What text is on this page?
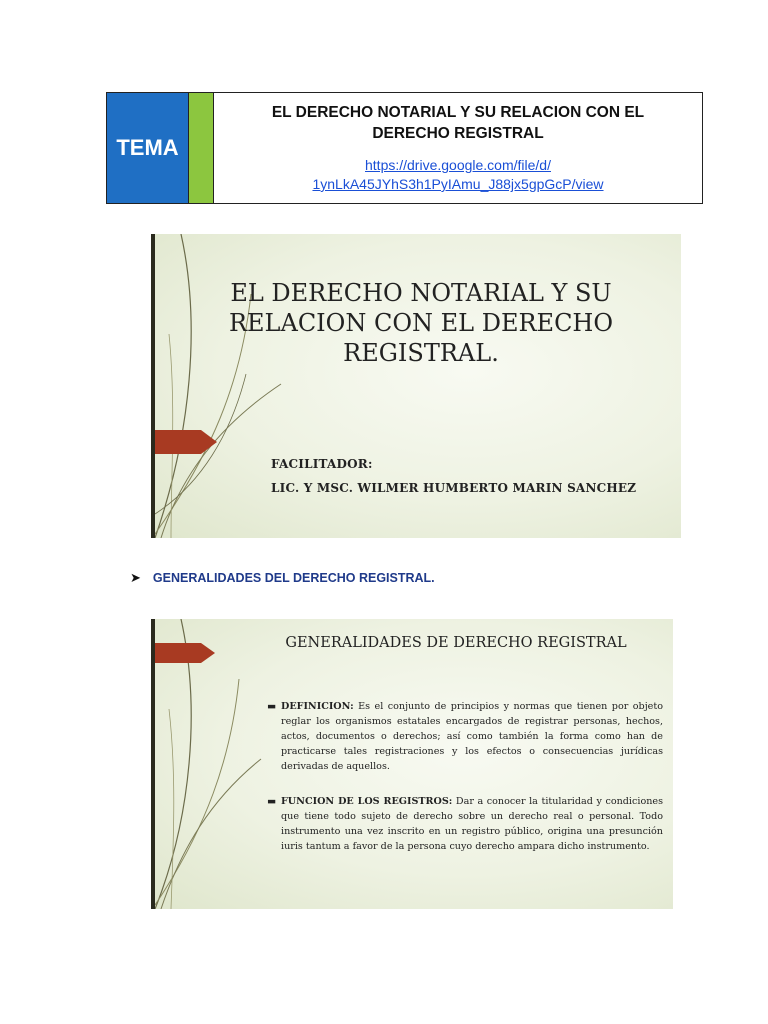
TEMA
EL DERECHO NOTARIAL Y SU RELACION CON EL
DERECHO REGISTRAL
https://drive.google.com/file/d/
1ynLkA45JYhS3h1PyIAmu_J88jx5gpGcP/view
EL DERECHO NOTARIAL Y SU
RELACION CON EL DERECHO
REGISTRAL.
FACILITADOR:
LIC. Y MSC. WILMER HUMBERTO MARIN SANCHEZ
➤ GENERALIDADES DEL DERECHO REGISTRAL.
GENERALIDADES DE DERECHO REGISTRAL
▬ DEFINICION: Es el conjunto de principios y normas que tienen por objeto reglar los organismos estatales encargados de registrar personas, hechos, actos, documentos o derechos; así como también la forma como han de practicarse tales registraciones y los efectos o consecuencias jurídicas derivadas de aquellos.
▬ FUNCION DE LOS REGISTROS: Dar a conocer la titularidad y condiciones que tiene todo sujeto de derecho sobre un derecho real o personal. Todo instrumento una vez inscrito en un registro público, origina una presunción iuris tantum a favor de la persona cuyo derecho ampara dicho instrumento.
